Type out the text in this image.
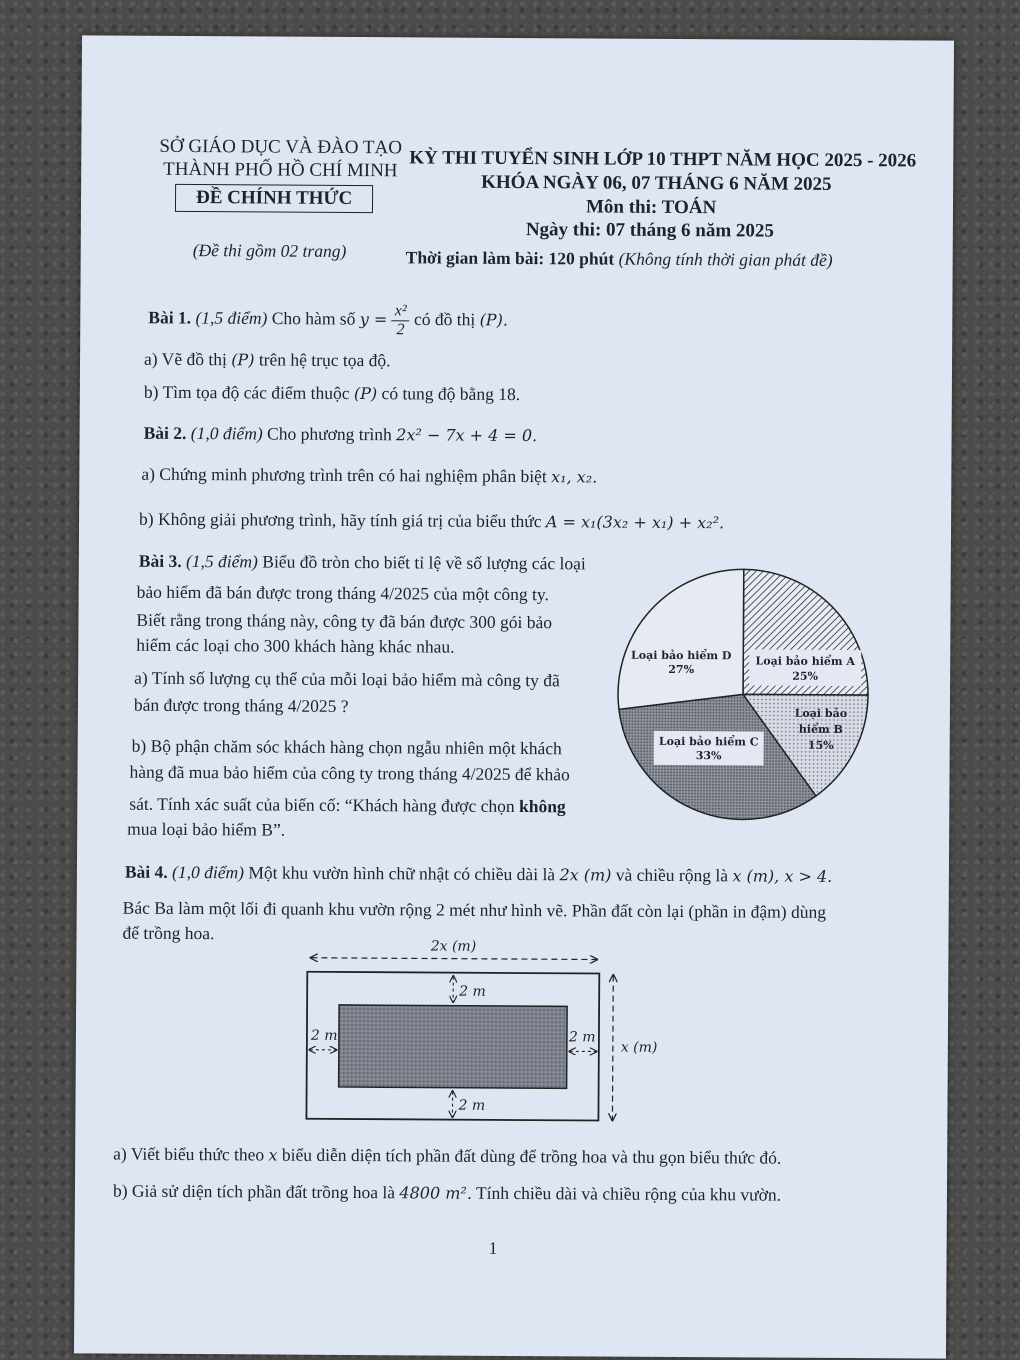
SỞ GIÁO DỤC VÀ ĐÀO TẠO
THÀNH PHỐ HỒ CHÍ MINH
ĐỀ CHÍNH THỨC
(Đề thi gồm 02 trang)
KỲ THI TUYỂN SINH LỚP 10 THPT NĂM HỌC 2025 - 2026
KHÓA NGÀY 06, 07 THÁNG 6 NĂM 2025
Môn thi: TOÁN
Ngày thi: 07 tháng 6 năm 2025
Thời gian làm bài: 120 phút (Không tính thời gian phát đề)
Bài 1. (1,5 điểm) Cho hàm số $y = \frac{\text{x²}}{2}$ có đồ thị (P).
a) Vẽ đồ thị (P) trên hệ trục tọa độ.
b) Tìm tọa độ các điểm thuộc (P) có tung độ bằng 18.
Bài 2. (1,0 điểm) Cho phương trình 2x² − 7x + 4 = 0.
a) Chứng minh phương trình trên có hai nghiệm phân biệt x₁, x₂.
b) Không giải phương trình, hãy tính giá trị của biểu thức A = x₁(3x₂ + x₁) + x₂².
Bài 3. (1,5 điểm) Biểu đồ tròn cho biết tỉ lệ về số lượng các loại
bảo hiểm đã bán được trong tháng 4/2025 của một công ty.
Biết rằng trong tháng này, công ty đã bán được 300 gói bảo
hiểm các loại cho 300 khách hàng khác nhau.
a) Tính số lượng cụ thể của mỗi loại bảo hiểm mà công ty đã
bán được trong tháng 4/2025 ?
b) Bộ phận chăm sóc khách hàng chọn ngẫu nhiên một khách
hàng đã mua bảo hiểm của công ty trong tháng 4/2025 để khảo
sát. Tính xác suất của biến cố: “Khách hàng được chọn không
mua loại bảo hiểm B”.
Loại bảo hiểm A
25%
Loại bảo
hiểm B
15%
Loại bảo hiểm C
33%
Loại bảo hiểm D
27%
Bài 4. (1,0 điểm) Một khu vườn hình chữ nhật có chiều dài là 2x (m) và chiều rộng là x (m), x > 4.
Bác Ba làm một lối đi quanh khu vườn rộng 2 mét như hình vẽ. Phần đất còn lại (phần in đậm) dùng
để trồng hoa.
2x (m)
2 m
2 m
2 m	2 m
x (m)
a) Viết biểu thức theo x biểu diễn diện tích phần đất dùng để trồng hoa và thu gọn biểu thức đó.
b) Giả sử diện tích phần đất trồng hoa là 4800 m². Tính chiều dài và chiều rộng của khu vườn.
1
